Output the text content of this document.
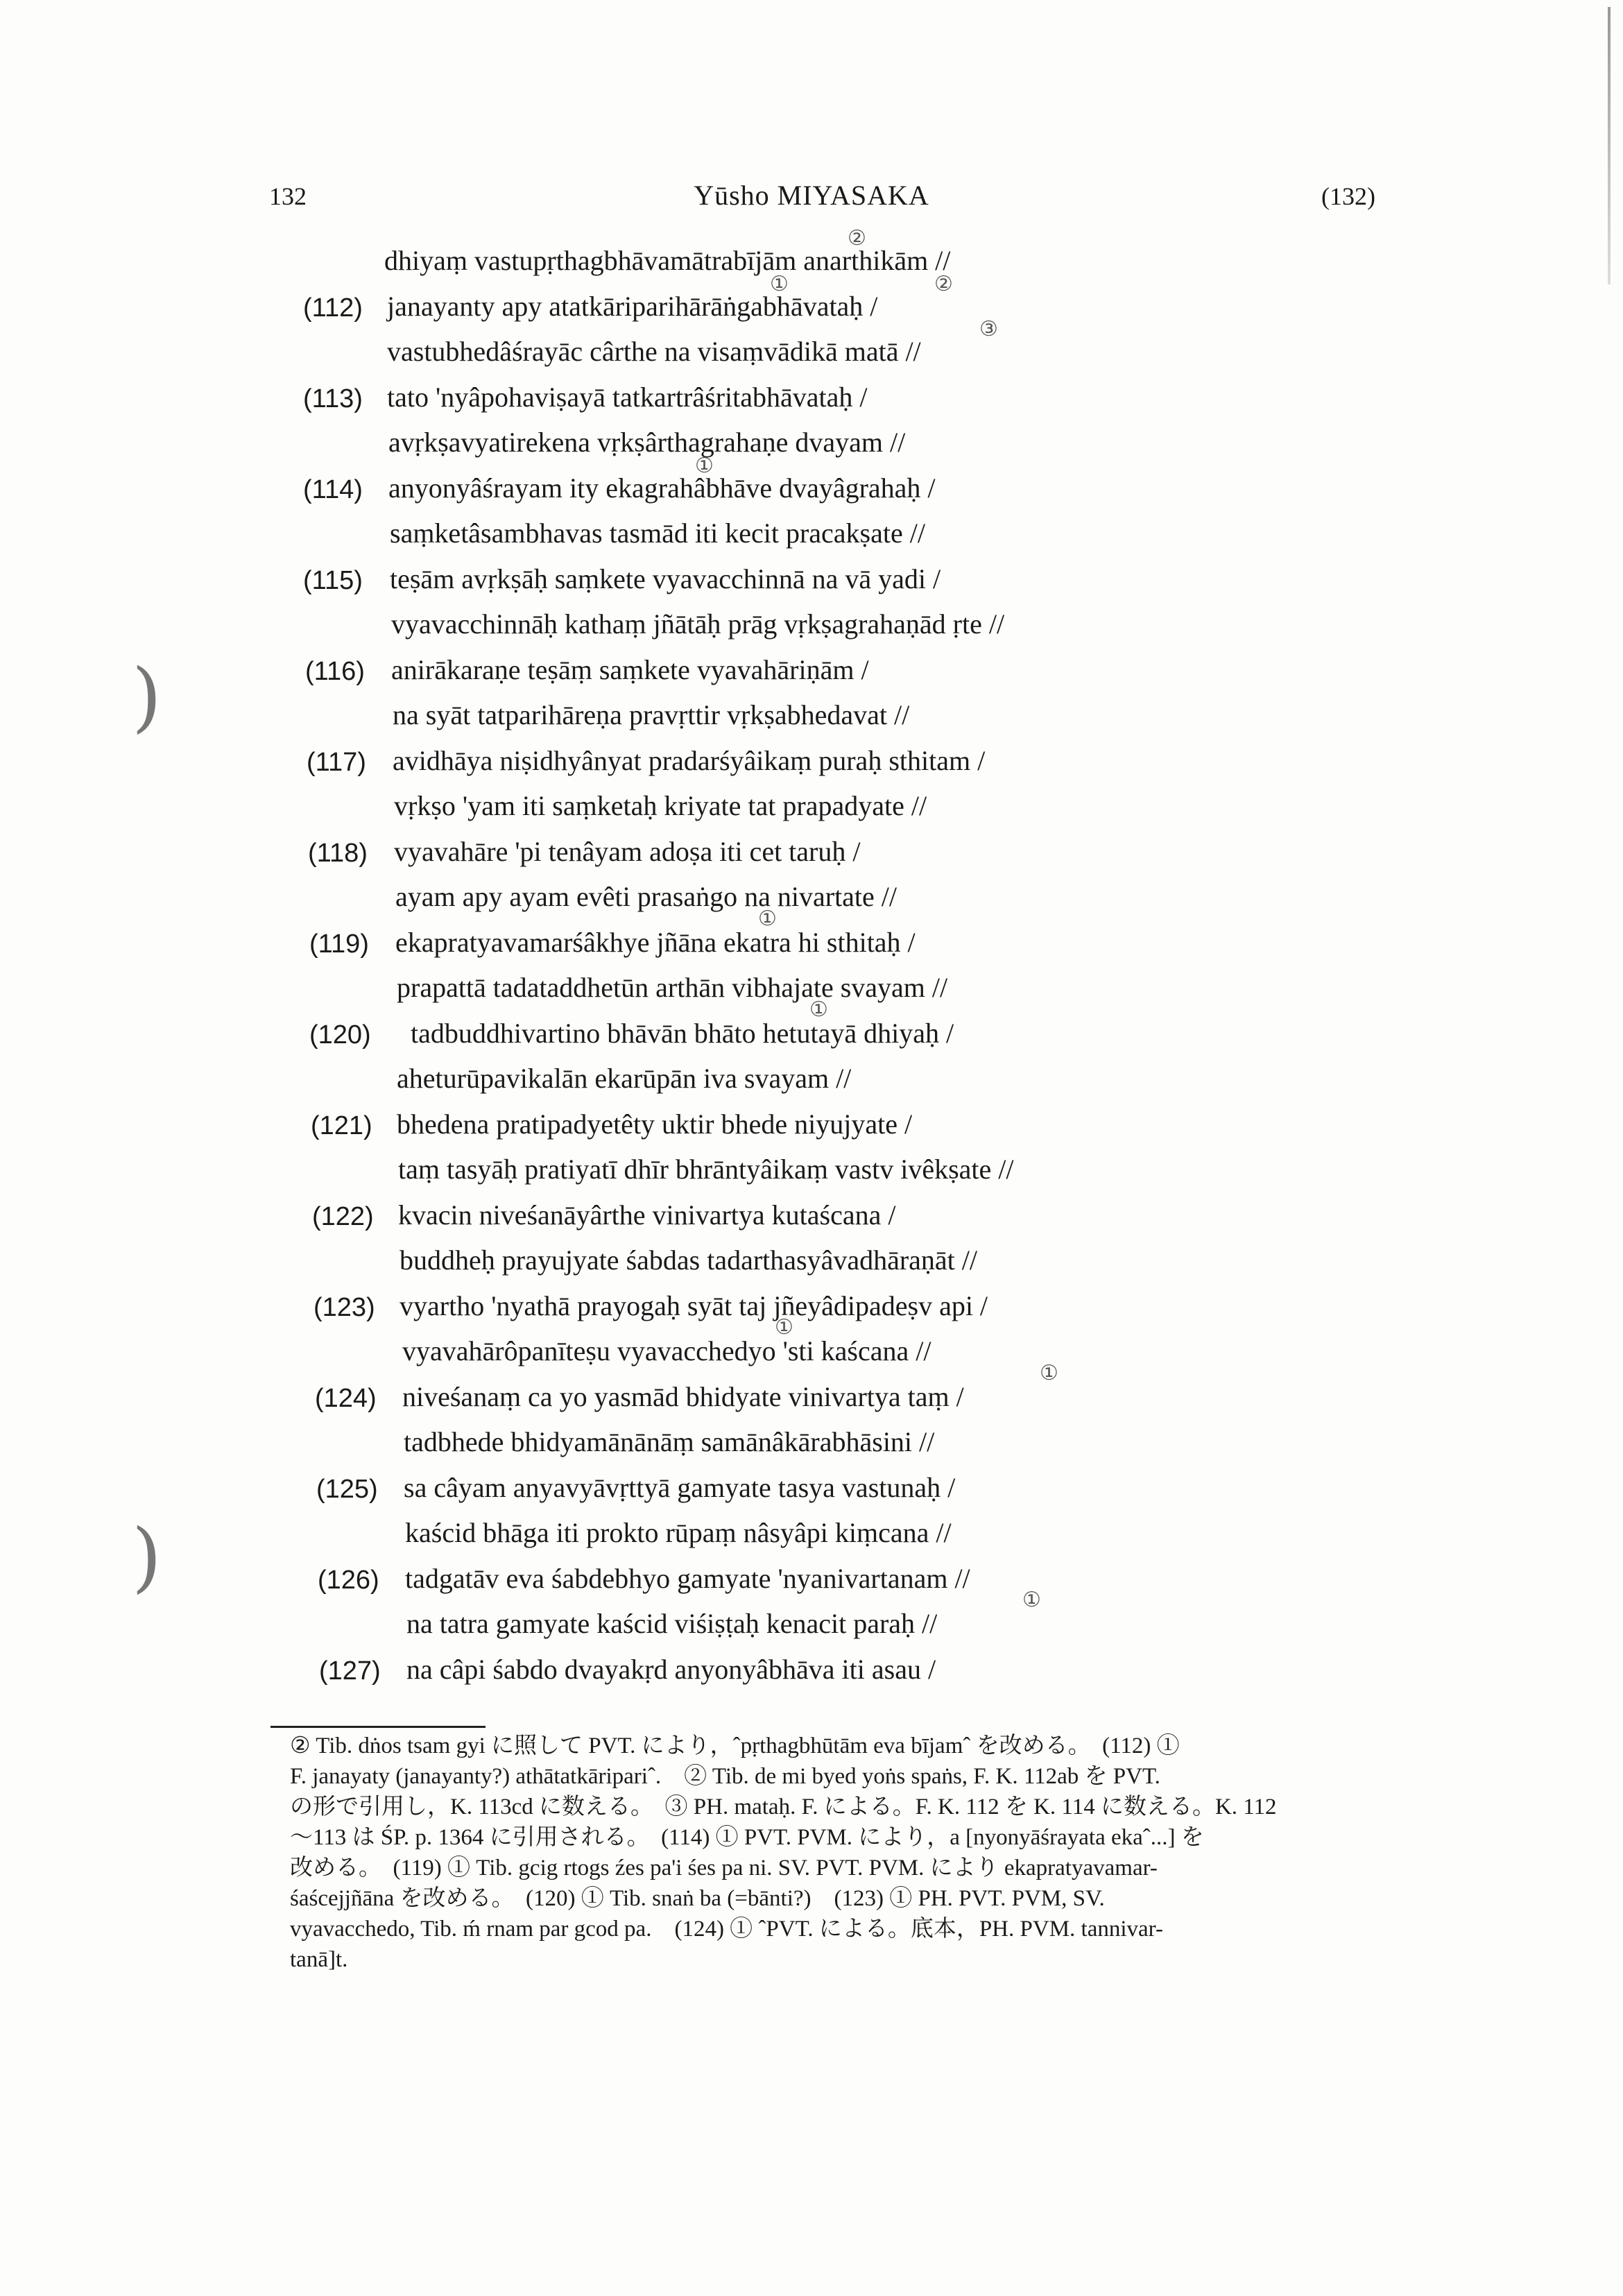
)
)
132	Yūsho MIYASAKA	(132)
dhiyaṃ vastupṛthagbhāvamātrabījām anarthikām //
(112) janayanty apy atatkāriparihārāṅgabhāvataḥ /
vastubhedâśrayāc cârthe na visaṃvādikā matā //
(113) tato 'nyâpohaviṣayā tatkartrâśritabhāvataḥ /
avṛkṣavyatirekena vṛkṣârthagrahaṇe dvayam //
(114) anyonyâśrayam ity ekagrahâbhāve dvayâgrahaḥ /
saṃketâsambhavas tasmād iti kecit pracakṣate //
(115) teṣām avṛkṣāḥ saṃkete vyavacchinnā na vā yadi /
vyavacchinnāḥ kathaṃ jñātāḥ prāg vṛkṣagrahaṇād ṛte //
(116) anirākaraṇe teṣāṃ saṃkete vyavahāriṇām /
na syāt tatparihāreṇa pravṛttir vṛkṣabhedavat //
(117) avidhāya niṣidhyânyat pradarśyâikaṃ puraḥ sthitam /
vṛkṣo 'yam iti saṃketaḥ kriyate tat prapadyate //
(118) vyavahāre 'pi tenâyam adoṣa iti cet taruḥ /
ayam apy ayam evêti prasaṅgo na nivartate //
(119) ekapratyavamarśâkhye jñāna ekatra hi sthitaḥ /
prapattā tadataddhetūn arthān vibhajate svayam //
(120) tadbuddhivartino bhāvān bhāto hetutayā dhiyaḥ /
aheturūpavikalān ekarūpān iva svayam //
(121) bhedena pratipadyetêty uktir bhede niyujyate /
taṃ tasyāḥ pratiyatī dhīr bhrāntyâikaṃ vastv ivêkṣate //
(122) kvacin niveśanāyârthe vinivartya kutaścana /
buddheḥ prayujyate śabdas tadarthasyâvadhāraṇāt //
(123) vyartho 'nyathā prayogaḥ syāt taj jñeyâdipadeṣv api /
vyavahārôpanīteṣu vyavacchedyo 'sti kaścana //
(124) niveśanaṃ ca yo yasmād bhidyate vinivartya taṃ /
tadbhede bhidyamānānāṃ samānâkārabhāsini //
(125) sa câyam anyavyāvṛttyā gamyate tasya vastunaḥ /
kaścid bhāga iti prokto rūpaṃ nâsyâpi kiṃcana //
(126) tadgatāv eva śabdebhyo gamyate 'nyanivartanam //
na tatra gamyate kaścid viśiṣṭaḥ kenacit paraḥ //
(127) na câpi śabdo dvayakṛd anyonyâbhāva iti asau /
②
①	②
③
①
①
①
①
①
①
② Tib. dṅos tsam gyi に照して PVT. により，ˆpṛthagbhūtām eva bījamˆ を改める。　(112) ①
F. janayaty (janayanty?) athātatkāripariˆ.　② Tib. de mi byed yoṅs spaṅs, F. K. 112ab を PVT.
の形で引用し，K. 113cd に数える。　③ PH. mataḥ. F. による。F. K. 112 を K. 114 に数える。K. 112
〜113 は ŚP. p. 1364 に引用される。　(114) ① PVT. PVM. により，a [nyonyāśrayata ekaˆ...] を
改める。　(119) ① Tib. gcig rtogs źes pa'i śes pa ni. SV. PVT. PVM. により ekapratyavamar-
śaścejjñāna を改める。　(120) ① Tib. snaṅ ba (=bānti?)　(123) ① PH. PVT. PVM, SV.
vyavacchedo, Tib. ḿ rnam par gcod pa.　(124) ① ˆPVT. による。底本，PH. PVM. tannivar-
tanā]t.
